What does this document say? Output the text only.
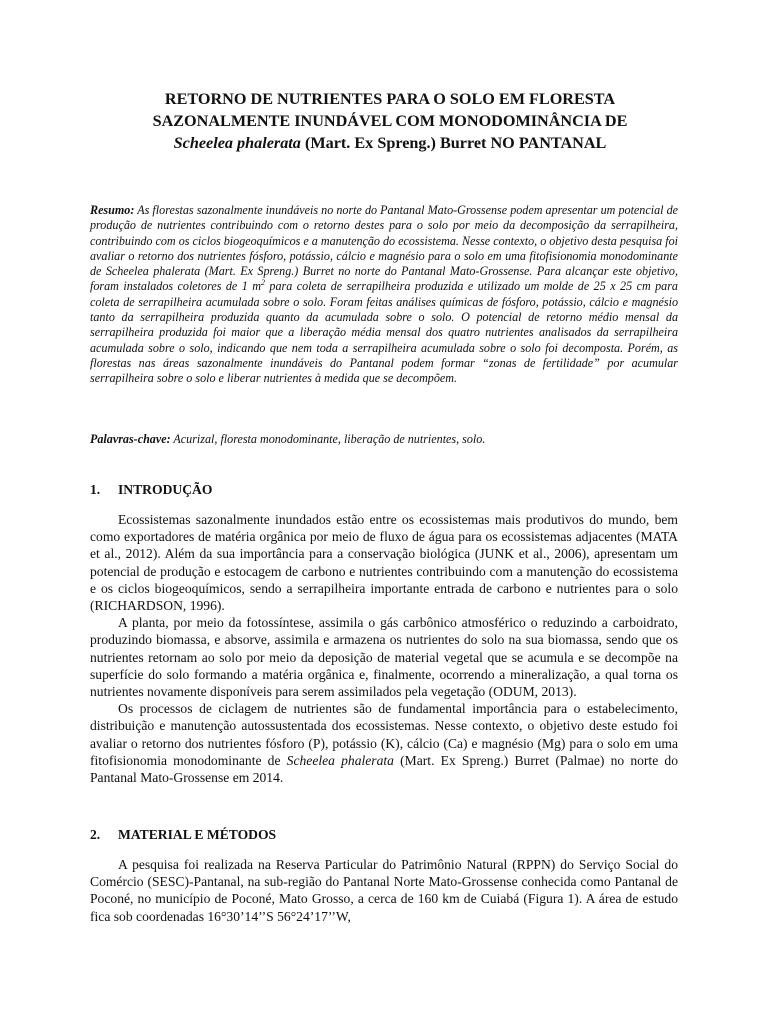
RETORNO DE NUTRIENTES PARA O SOLO EM FLORESTA
SAZONALMENTE INUNDÁVEL COM MONODOMINÂNCIA DE
Scheelea phalerata (Mart. Ex Spreng.) Burret NO PANTANAL
Resumo: As florestas sazonalmente inundáveis no norte do Pantanal Mato-Grossense podem apresentar um potencial de produção de nutrientes contribuindo com o retorno destes para o solo por meio da decomposição da serrapilheira, contribuindo com os ciclos biogeoquímicos e a manutenção do ecossistema. Nesse contexto, o objetivo desta pesquisa foi avaliar o retorno dos nutrientes fósforo, potássio, cálcio e magnésio para o solo em uma fitofisionomia monodominante de Scheelea phalerata (Mart. Ex Spreng.) Burret no norte do Pantanal Mato-Grossense. Para alcançar este objetivo, foram instalados coletores de 1 $m^2$ para coleta de serrapilheira produzida e utilizado um molde de 25 x 25 cm para coleta de serrapilheira acumulada sobre o solo. Foram feitas análises químicas de fósforo, potássio, cálcio e magnésio tanto da serrapilheira produzida quanto da acumulada sobre o solo. O potencial de retorno médio mensal da serrapilheira produzida foi maior que a liberação média mensal dos quatro nutrientes analisados da serrapilheira acumulada sobre o solo, indicando que nem toda a serrapilheira acumulada sobre o solo foi decomposta. Porém, as florestas nas áreas sazonalmente inundáveis do Pantanal podem formar “zonas de fertilidade” por acumular serrapilheira sobre o solo e liberar nutrientes à medida que se decompõem.
Palavras-chave: Acurizal, floresta monodominante, liberação de nutrientes, solo.
1. INTRODUÇÃO

Ecossistemas sazonalmente inundados estão entre os ecossistemas mais produtivos do mundo, bem como exportadores de matéria orgânica por meio de fluxo de água para os ecossistemas adjacentes (MATA et al., 2012). Além da sua importância para a conservação biológica (JUNK et al., 2006), apresentam um potencial de produção e estocagem de carbono e nutrientes contribuindo com a manutenção do ecossistema e os ciclos biogeoquímicos, sendo a serrapilheira importante entrada de carbono e nutrientes para o solo (RICHARDSON, 1996).

A planta, por meio da fotossíntese, assimila o gás carbônico atmosférico o reduzindo a carboidrato, produzindo biomassa, e absorve, assimila e armazena os nutrientes do solo na sua biomassa, sendo que os nutrientes retornam ao solo por meio da deposição de material vegetal que se acumula e se decompõe na superfície do solo formando a matéria orgânica e, finalmente, ocorrendo a mineralização, a qual torna os nutrientes novamente disponíveis para serem assimilados pela vegetação (ODUM, 2013).

Os processos de ciclagem de nutrientes são de fundamental importância para o estabelecimento, distribuição e manutenção autossustentada dos ecossistemas. Nesse contexto, o objetivo deste estudo foi avaliar o retorno dos nutrientes fósforo (P), potássio (K), cálcio (Ca) e magnésio (Mg) para o solo em uma fitofisionomia monodominante de Scheelea phalerata (Mart. Ex Spreng.) Burret (Palmae) no norte do Pantanal Mato-Grossense em 2014.

2. MATERIAL E MÉTODOS

A pesquisa foi realizada na Reserva Particular do Patrimônio Natural (RPPN) do Serviço Social do Comércio (SESC)-Pantanal, na sub-região do Pantanal Norte Mato-Grossense conhecida como Pantanal de Poconé, no município de Poconé, Mato Grosso, a cerca de 160 km de Cuiabá (Figura 1). A área de estudo fica sob coordenadas 16°30’14’’S 56°24’17’’W,
